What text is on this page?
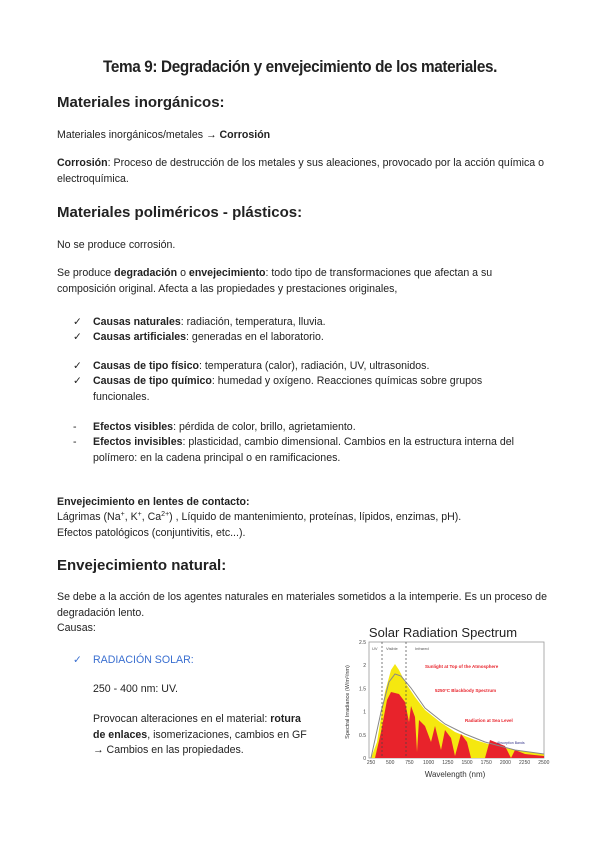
Tema 9: Degradación y envejecimiento de los materiales.
Materiales inorgánicos:
Materiales inorgánicos/metales → Corrosión
Corrosión: Proceso de destrucción de los metales y sus aleaciones, provocado por la acción química o electroquímica.
Materiales poliméricos - plásticos:
No se produce corrosión.
Se produce degradación o envejecimiento: todo tipo de transformaciones que afectan a su composición original. Afecta a las propiedades y prestaciones originales,
✓ Causas naturales: radiación, temperatura, lluvia.
✓ Causas artificiales: generadas en el laboratorio.
✓ Causas de tipo físico: temperatura (calor), radiación, UV, ultrasonidos.
✓ Causas de tipo químico: humedad y oxígeno. Reacciones químicas sobre grupos funcionales.
- Efectos visibles: pérdida de color, brillo, agrietamiento.
- Efectos invisibles: plasticidad, cambio dimensional. Cambios en la estructura interna del polímero: en la cadena principal o en ramificaciones.
Envejecimiento en lentes de contacto:
Lágrimas (Na+, K+, $Ca^{2+}$) , Líquido de mantenimiento, proteínas, lípidos, enzimas, pH).
Efectos patológicos (conjuntivitis, etc...).
Envejecimiento natural:
Se debe a la acción de los agentes naturales en materiales sometidos a la intemperie. Es un proceso de degradación lento.
Causas:
✓ RADIACIÓN SOLAR:
250 - 400 nm: UV.
Provocan alteraciones en el material: rotura de enlaces, isomerizaciones, cambios en GF → Cambios en las propiedades.
Solar Radiation Spectrum
UV Visible	Infrared
Sunlight at Top of the Atmosphere
5250°C Blackbody Spectrum
Radiation at Sea Level
Absorption Bands
2.5
2
1.5
1
0.5
0
250 500 750 1000 1250 1500 1750 2000 2250 2500
Wavelength (nm)
Spectral Irradiance (W/m²/nm)
